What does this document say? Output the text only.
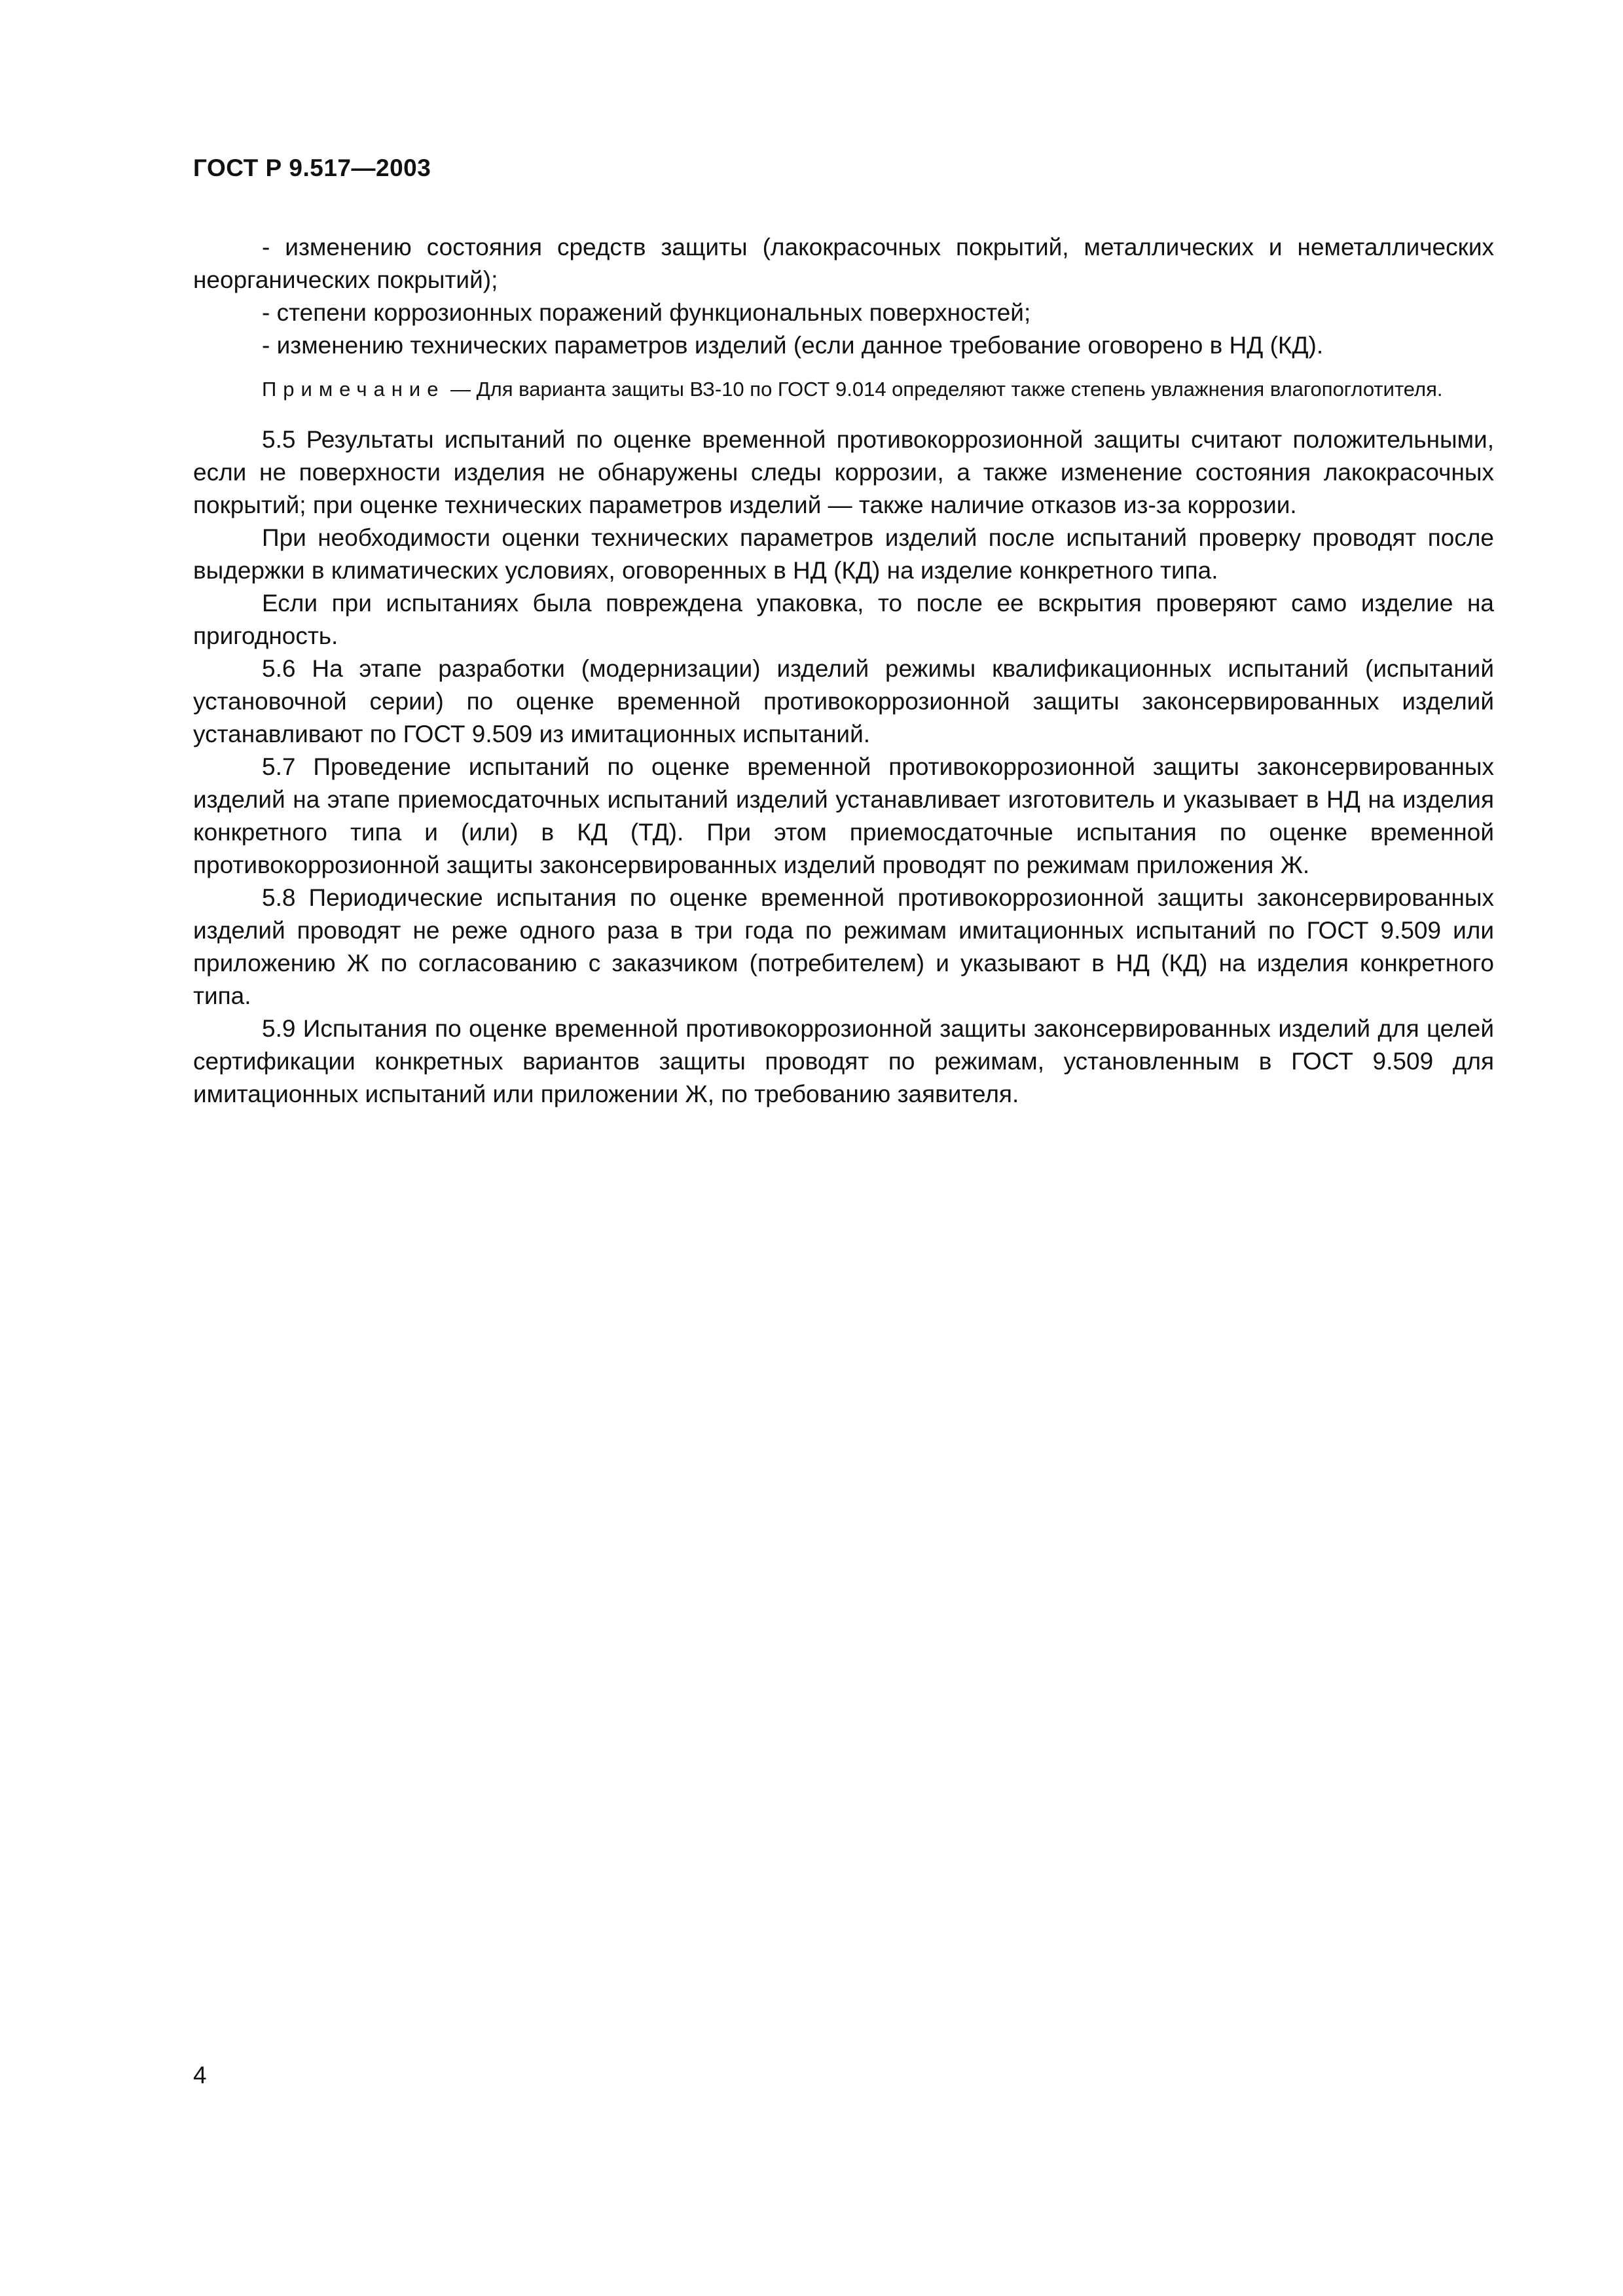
ГОСТ Р 9.517—2003

- изменению состояния средств защиты (лакокрасочных покрытий, металлических и неметаллических неорганических покрытий);

- степени коррозионных поражений функциональных поверхностей;

- изменению технических параметров изделий (если данное требование оговорено в НД (КД).

Примечание — Для варианта защиты ВЗ-10 по ГОСТ 9.014 определяют также степень увлажнения влагопоглотителя.

5.5 Результаты испытаний по оценке временной противокоррозионной защиты считают положительными, если не поверхности изделия не обнаружены следы коррозии, а также изменение состояния лакокрасочных покрытий; при оценке технических параметров изделий — также наличие отказов из-за коррозии.

При необходимости оценки технических параметров изделий после испытаний проверку проводят после выдержки в климатических условиях, оговоренных в НД (КД) на изделие конкретного типа.

Если при испытаниях была повреждена упаковка, то после ее вскрытия проверяют само изделие на пригодность.

5.6 На этапе разработки (модернизации) изделий режимы квалификационных испытаний (испытаний установочной серии) по оценке временной противокоррозионной защиты законсервированных изделий устанавливают по ГОСТ 9.509 из имитационных испытаний.

5.7 Проведение испытаний по оценке временной противокоррозионной защиты законсервированных изделий на этапе приемосдаточных испытаний изделий устанавливает изготовитель и указывает в НД на изделия конкретного типа и (или) в КД (ТД). При этом приемосдаточные испытания по оценке временной противокоррозионной защиты законсервированных изделий проводят по режимам приложения Ж.

5.8 Периодические испытания по оценке временной противокоррозионной защиты законсервированных изделий проводят не реже одного раза в три года по режимам имитационных испытаний по ГОСТ 9.509 или приложению Ж по согласованию с заказчиком (потребителем) и указывают в НД (КД) на изделия конкретного типа.

5.9 Испытания по оценке временной противокоррозионной защиты законсервированных изделий для целей сертификации конкретных вариантов защиты проводят по режимам, установленным в ГОСТ 9.509 для имитационных испытаний или приложении Ж, по требованию заявителя.

4
